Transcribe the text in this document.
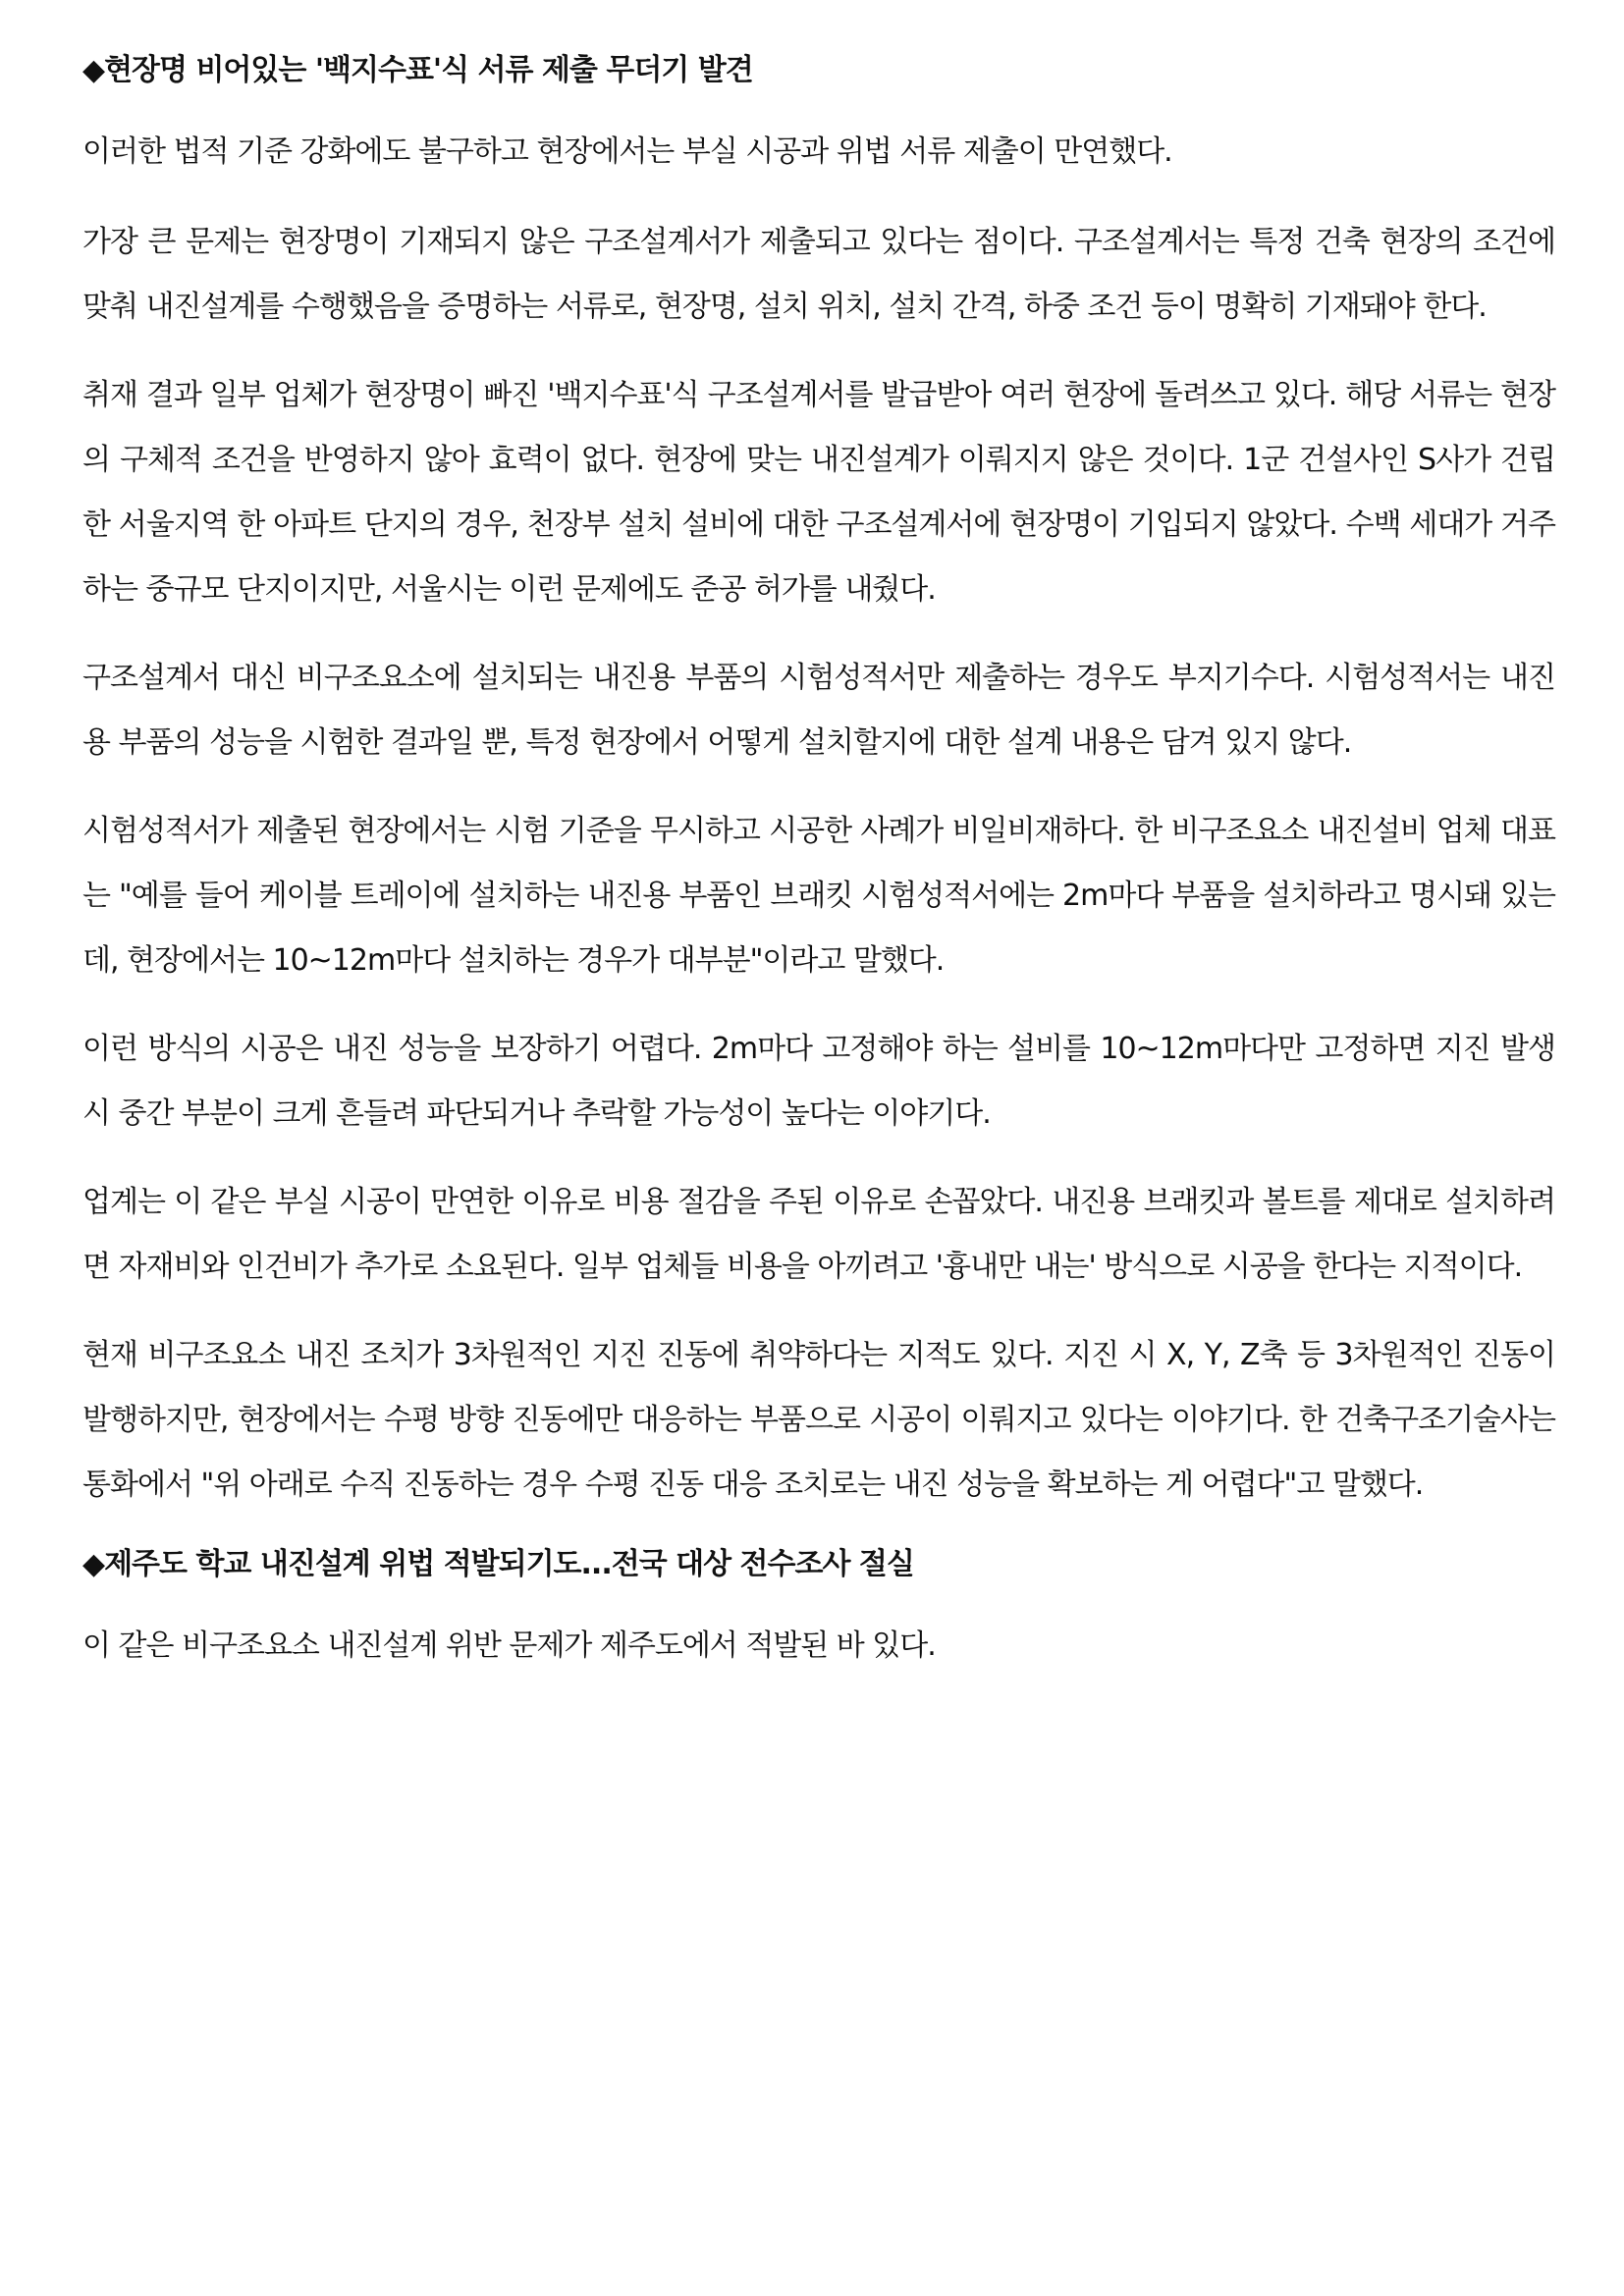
◆현장명 비어있는 '백지수표'식 서류 제출 무더기 발견

이러한 법적 기준 강화에도 불구하고 현장에서는 부실 시공과 위법 서류 제출이 만연했다.

가장 큰 문제는 현장명이 기재되지 않은 구조설계서가 제출되고 있다는 점이다. 구조설계서는 특정 건축 현장의 조건에 맞춰 내진설계를 수행했음을 증명하는 서류로, 현장명, 설치 위치, 설치 간격, 하중 조건 등이 명확히 기재돼야 한다.

취재 결과 일부 업체가 현장명이 빠진 '백지수표'식 구조설계서를 발급받아 여러 현장에 돌려쓰고 있다. 해당 서류는 현장의 구체적 조건을 반영하지 않아 효력이 없다. 현장에 맞는 내진설계가 이뤄지지 않은 것이다. 1군 건설사인 S사가 건립한 서울지역 한 아파트 단지의 경우, 천장부 설치 설비에 대한 구조설계서에 현장명이 기입되지 않았다. 수백 세대가 거주하는 중규모 단지이지만, 서울시는 이런 문제에도 준공 허가를 내줬다.

구조설계서 대신 비구조요소에 설치되는 내진용 부품의 시험성적서만 제출하는 경우도 부지기수다. 시험성적서는 내진용 부품의 성능을 시험한 결과일 뿐, 특정 현장에서 어떻게 설치할지에 대한 설계 내용은 담겨 있지 않다.

시험성적서가 제출된 현장에서는 시험 기준을 무시하고 시공한 사례가 비일비재하다. 한 비구조요소 내진설비 업체 대표는 "예를 들어 케이블 트레이에 설치하는 내진용 부품인 브래킷 시험성적서에는 2m마다 부품을 설치하라고 명시돼 있는데, 현장에서는 10~12m마다 설치하는 경우가 대부분"이라고 말했다.

이런 방식의 시공은 내진 성능을 보장하기 어렵다. 2m마다 고정해야 하는 설비를 10~12m마다만 고정하면 지진 발생 시 중간 부분이 크게 흔들려 파단되거나 추락할 가능성이 높다는 이야기다.

업계는 이 같은 부실 시공이 만연한 이유로 비용 절감을 주된 이유로 손꼽았다. 내진용 브래킷과 볼트를 제대로 설치하려면 자재비와 인건비가 추가로 소요된다. 일부 업체들 비용을 아끼려고 '흉내만 내는' 방식으로 시공을 한다는 지적이다.

현재 비구조요소 내진 조치가 3차원적인 지진 진동에 취약하다는 지적도 있다. 지진 시 X, Y, Z축 등 3차원적인 진동이 발행하지만, 현장에서는 수평 방향 진동에만 대응하는 부품으로 시공이 이뤄지고 있다는 이야기다. 한 건축구조기술사는 통화에서 "위 아래로 수직 진동하는 경우 수평 진동 대응 조치로는 내진 성능을 확보하는 게 어렵다"고 말했다.

◆제주도 학교 내진설계 위법 적발되기도...전국 대상 전수조사 절실

이 같은 비구조요소 내진설계 위반 문제가 제주도에서 적발된 바 있다.
